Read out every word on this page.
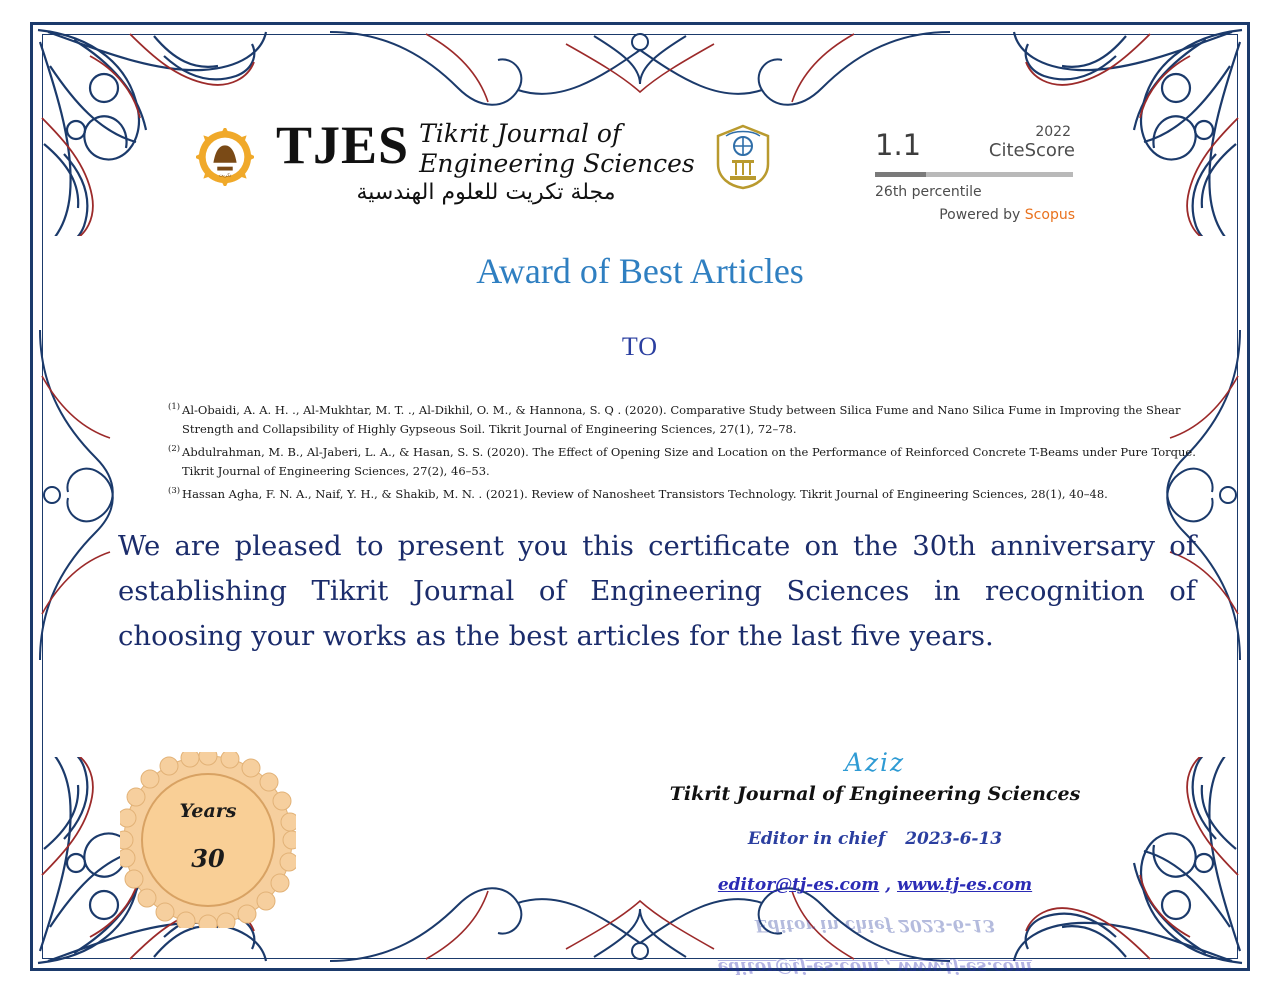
تكريت
TJES Tikrit Journal of
Engineering Sciences
مجلة تكريت للعلوم الهندسية
1.1	CiteScore
2022
26th percentile
Powered by Scopus
Award of Best Articles
TO
$^{(1)}$ Al-Obaidi, A. A. H. ., Al-Mukhtar, M. T. ., Al-Dikhil, O. M., & Hannona, S. Q . (2020). Comparative Study between Silica Fume and Nano Silica Fume in Improving the Shear Strength and Collapsibility of Highly Gypseous Soil. Tikrit Journal of Engineering Sciences, 27(1), 72–78.
$^{(2)}$ Abdulrahman, M. B., Al-Jaberi, L. A., & Hasan, S. S. (2020). The Effect of Opening Size and Location on the Performance of Reinforced Concrete T-Beams under Pure Torque. Tikrit Journal of Engineering Sciences, 27(2), 46–53.
$^{(3)}$ Hassan Agha, F. N. A., Naif, Y. H., & Shakib, M. N. . (2021). Review of Nanosheet Transistors Technology. Tikrit Journal of Engineering Sciences, 28(1), 40–48.
We are pleased to present you this certificate on the 30th anniversary of establishing Tikrit Journal of Engineering Sciences in recognition of choosing your works as the best articles for the last five years.
Years
30
Aziz
Tikrit Journal of Engineering Sciences
Editor in chief 2023-6-13
editor@tj-es.com , www.tj-es.com
editor@tj-es.com , www.tj-es.com
Editor in chief 2023-6-13
